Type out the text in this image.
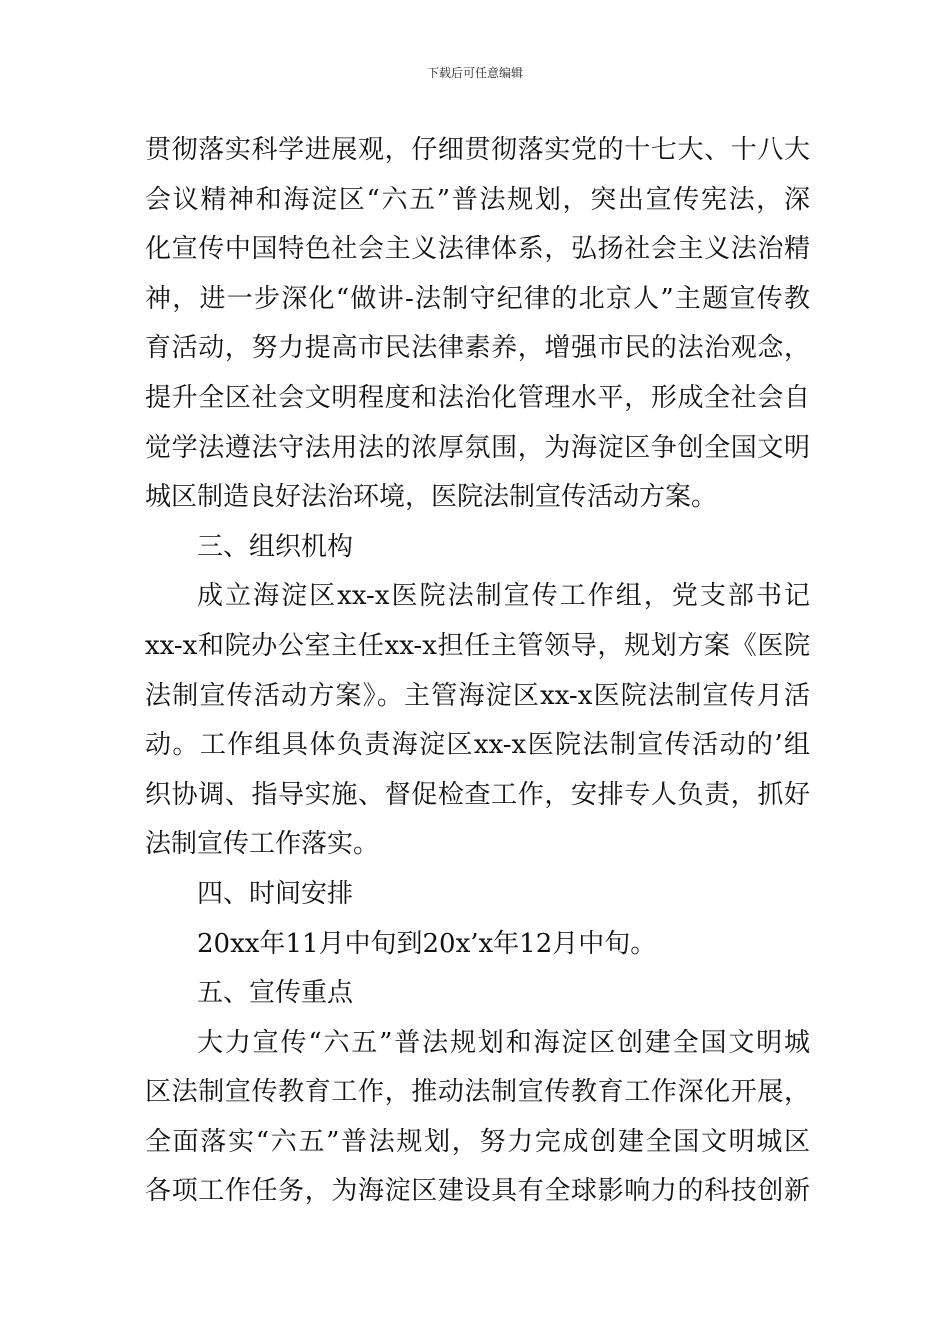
下载后可任意编辑
贯彻落实科学进展观，仔细贯彻落实党的十七大、十八大
会议精神和海淀区“六五”普法规划，突出宣传宪法，深
化宣传中国特色社会主义法律体系，弘扬社会主义法治精
神，进一步深化“做讲-法制守纪律的北京人”主题宣传教
育活动，努力提高市民法律素养，增强市民的法治观念，
提升全区社会文明程度和法治化管理水平，形成全社会自
觉学法遵法守法用法的浓厚氛围，为海淀区争创全国文明
城区制造良好法治环境，医院法制宣传活动方案。
三、组织机构
成立海淀区xx-x医院法制宣传工作组，党支部书记
xx-x和院办公室主任xx-x担任主管领导，规划方案《医院
法制宣传活动方案》。主管海淀区xx-x医院法制宣传月活
动。工作组具体负责海淀区xx-x医院法制宣传活动的’组
织协调、指导实施、督促检查工作，安排专人负责，抓好
法制宣传工作落实。
四、时间安排
20xx年11月中旬到20x’x年12月中旬。
五、宣传重点
大力宣传“六五”普法规划和海淀区创建全国文明城
区法制宣传教育工作，推动法制宣传教育工作深化开展，
全面落实“六五”普法规划，努力完成创建全国文明城区
各项工作任务，为海淀区建设具有全球影响力的科技创新
